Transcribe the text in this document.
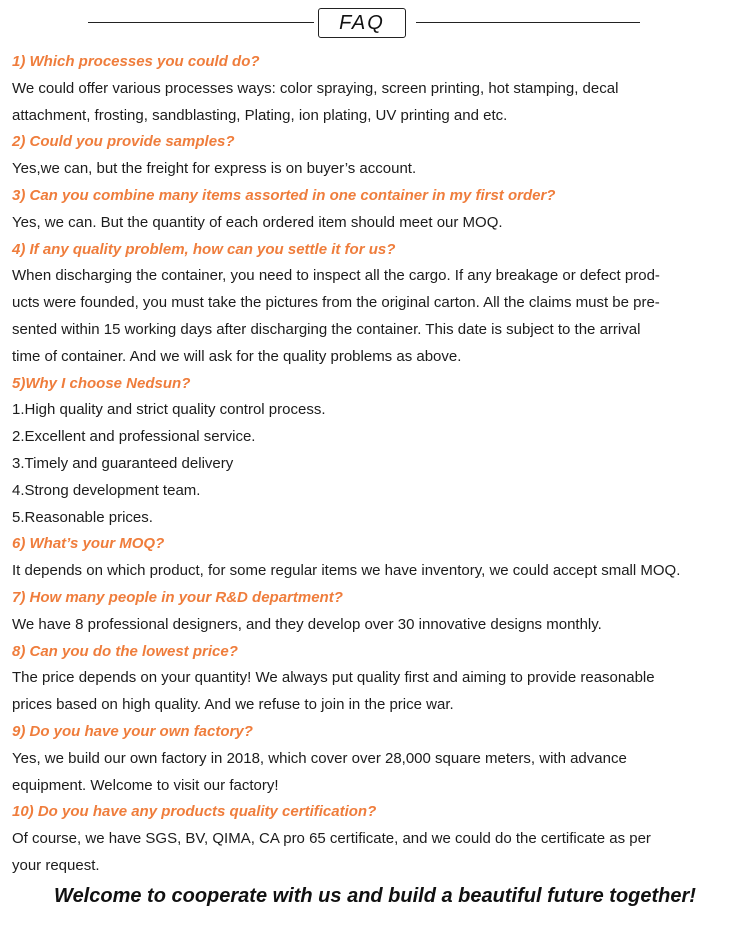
FAQ
1) Which processes you could do?
We could offer various processes ways: color spraying, screen printing, hot stamping, decal
attachment, frosting, sandblasting, Plating, ion plating, UV printing and etc.
2) Could you provide samples?
Yes,we can, but the freight for express is on buyer’s account.
3) Can you combine many items assorted in one container in my first order?
Yes, we can. But the quantity of each ordered item should meet our MOQ.
4) If any quality problem, how can you settle it for us?
When discharging the container, you need to inspect all the cargo. If any breakage or defect prod-
ucts were founded, you must take the pictures from the original carton. All the claims must be pre-
sented within 15 working days after discharging the container. This date is subject to the arrival
time of container. And we will ask for the quality problems as above.
5)Why I choose Nedsun?
1.High quality and strict quality control process.
2.Excellent and professional service.
3.Timely and guaranteed delivery
4.Strong development team.
5.Reasonable prices.
6) What’s your MOQ?
It depends on which product, for some regular items we have inventory, we could accept small MOQ.
7) How many people in your R&D department?
We have 8 professional designers, and they develop over 30 innovative designs monthly.
8) Can you do the lowest price?
The price depends on your quantity! We always put quality first and aiming to provide reasonable
prices based on high quality. And we refuse to join in the price war.
9) Do you have your own factory?
Yes, we build our own factory in 2018, which cover over 28,000 square meters, with advance
equipment. Welcome to visit our factory!
10) Do you have any products quality certification?
Of course, we have SGS, BV, QIMA, CA pro 65 certificate, and we could do the certificate as per
your request.
Welcome to cooperate with us and build a beautiful future together!
